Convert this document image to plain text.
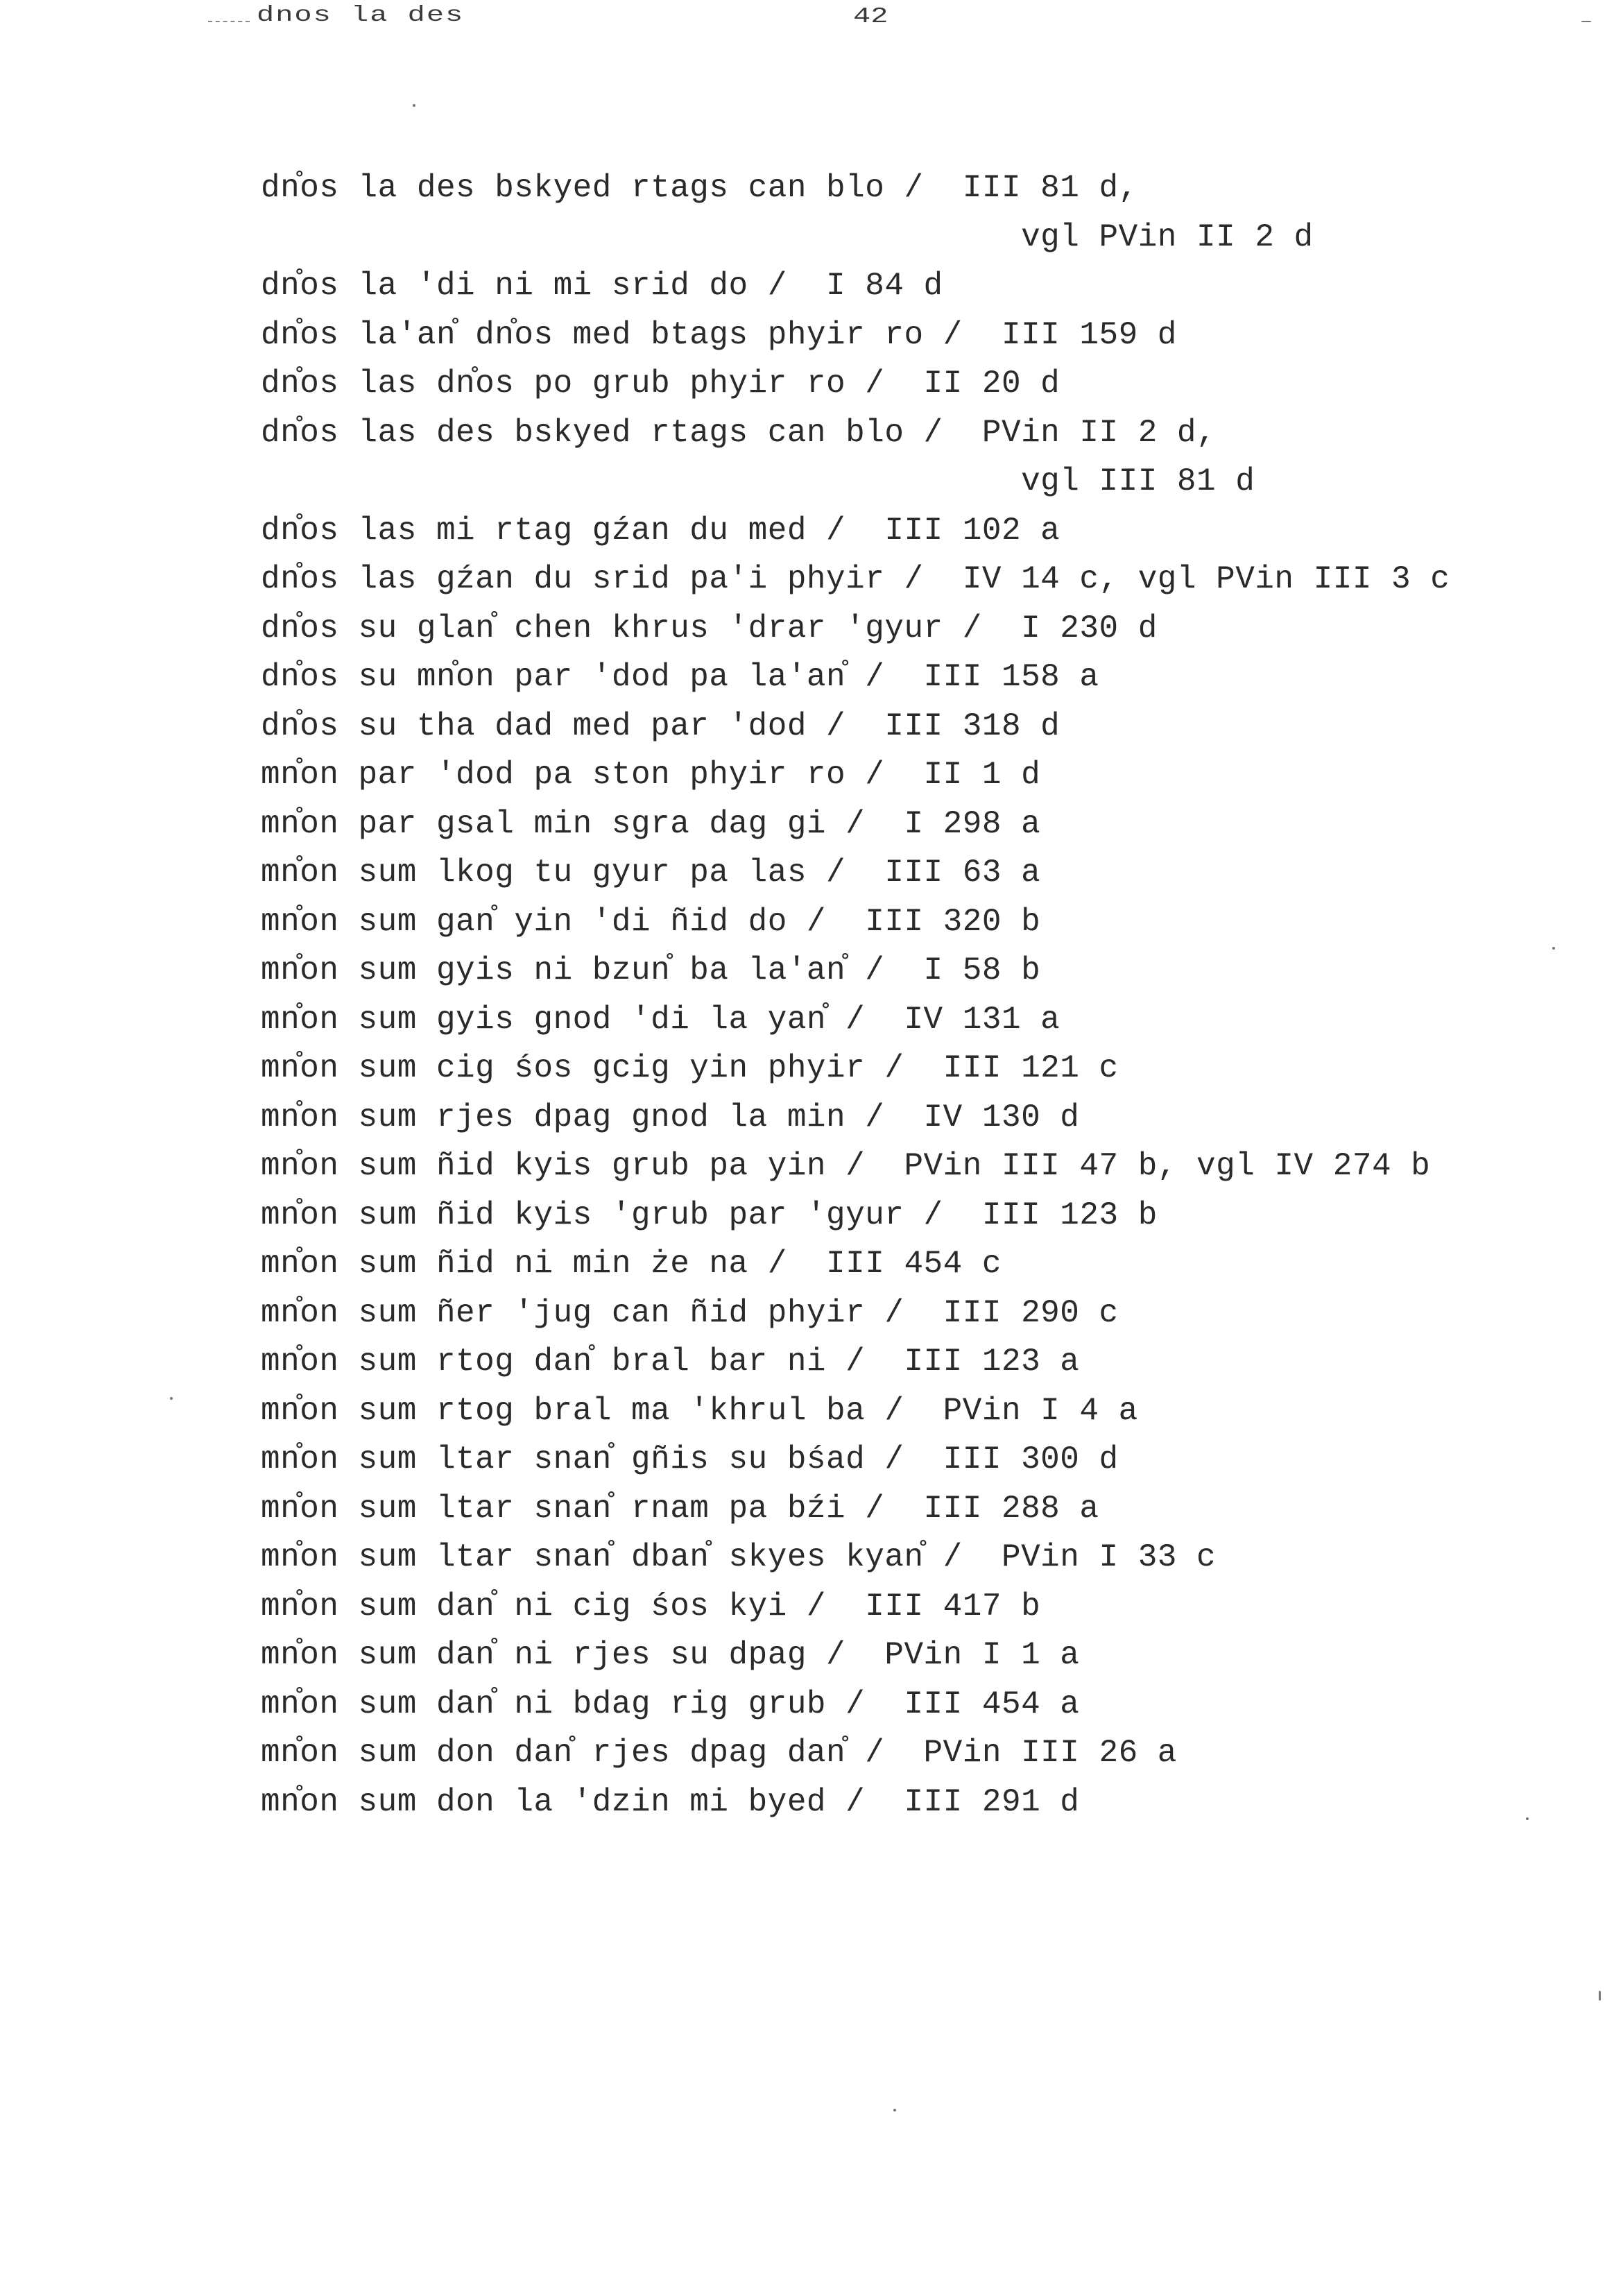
dnos la des	42
dn̊os la des bskyed rtags can blo /  III 81 d,
vgl PVin II 2 d
dn̊os la 'di ni mi srid do /  I 84 d
dn̊os la'an̊ dn̊os med btags phyir ro /  III 159 d
dn̊os las dn̊os po grub phyir ro /  II 20 d
dn̊os las des bskyed rtags can blo /  PVin II 2 d,
vgl III 81 d
dn̊os las mi rtag gźan du med /  III 102 a
dn̊os las gźan du srid pa'i phyir /  IV 14 c, vgl PVin III 3 c
dn̊os su glan̊ chen khrus 'drar 'gyur /  I 230 d
dn̊os su mn̊on par 'dod pa la'an̊ /  III 158 a
dn̊os su tha dad med par 'dod /  III 318 d
mn̊on par 'dod pa ston phyir ro /  II 1 d
mn̊on par gsal min sgra dag gi /  I 298 a
mn̊on sum lkog tu gyur pa las /  III 63 a
mn̊on sum gan̊ yin 'di ñid do /  III 320 b
mn̊on sum gyis ni bzun̊ ba la'an̊ /  I 58 b
mn̊on sum gyis gnod 'di la yan̊ /  IV 131 a
mn̊on sum cig śos gcig yin phyir /  III 121 c
mn̊on sum rjes dpag gnod la min /  IV 130 d
mn̊on sum ñid kyis grub pa yin /  PVin III 47 b, vgl IV 274 b
mn̊on sum ñid kyis 'grub par 'gyur /  III 123 b
mn̊on sum ñid ni min że na /  III 454 c
mn̊on sum ñer 'jug can ñid phyir /  III 290 c
mn̊on sum rtog dan̊ bral bar ni /  III 123 a
mn̊on sum rtog bral ma 'khrul ba /  PVin I 4 a
mn̊on sum ltar snan̊ gñis su bśad /  III 300 d
mn̊on sum ltar snan̊ rnam pa bźi /  III 288 a
mn̊on sum ltar snan̊ dban̊ skyes kyan̊ /  PVin I 33 c
mn̊on sum dan̊ ni cig śos kyi /  III 417 b
mn̊on sum dan̊ ni rjes su dpag /  PVin I 1 a
mn̊on sum dan̊ ni bdag rig grub /  III 454 a
mn̊on sum don dan̊ rjes dpag dan̊ /  PVin III 26 a
mn̊on sum don la 'dzin mi byed /  III 291 d
